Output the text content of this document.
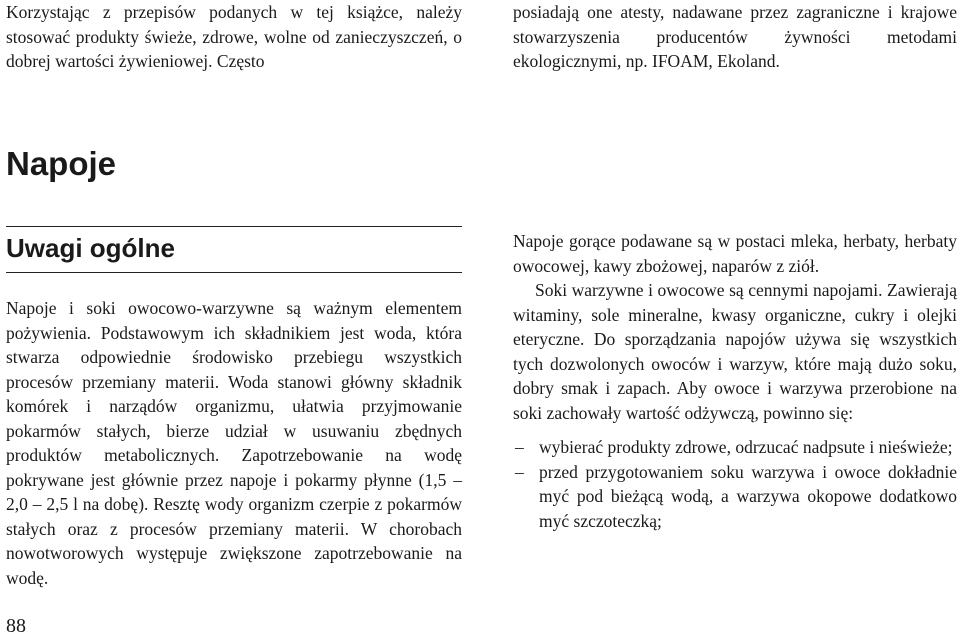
Korzystając z przepisów podanych w tej książce, należy stosować produkty świeże, zdrowe, wolne od zanieczyszczeń, o dobrej wartości żywieniowej. Często

posiadają one atesty, nadawane przez zagraniczne i krajowe stowarzyszenia producentów żywności metodami ekologicznymi, np. IFOAM, Ekoland.

Napoje
Uwagi ogólne

Napoje i soki owocowo-warzywne są ważnym elementem pożywienia. Podstawowym ich składnikiem jest woda, która stwarza odpowiednie środowisko przebiegu wszystkich procesów przemiany materii. Woda stanowi główny składnik komórek i narządów organizmu, ułatwia przyjmowanie pokarmów stałych, bierze udział w usuwaniu zbędnych produktów metabolicznych. Zapotrzebowanie na wodę pokrywane jest głównie przez napoje i pokarmy płynne (1,5 – 2,0 – 2,5 l na dobę). Resztę wody organizm czerpie z pokarmów stałych oraz z procesów przemiany materii. W chorobach nowotworowych występuje zwiększone zapotrzebowanie na wodę.

Napoje gorące podawane są w postaci mleka, herbaty, herbaty owocowej, kawy zbożowej, naparów z ziół.

Soki warzywne i owocowe są cennymi napojami. Zawierają witaminy, sole mineralne, kwasy organiczne, cukry i olejki eteryczne. Do sporządzania napojów używa się wszystkich tych dozwolonych owoców i warzyw, które mają dużo soku, dobry smak i zapach. Aby owoce i warzywa przerobione na soki zachowały wartość odżywczą, powinno się:

– wybierać produkty zdrowe, odrzucać nadpsute i nieświeże;
– przed przygotowaniem soku warzywa i owoce dokładnie myć pod bieżącą wodą, a warzywa okopowe dodatkowo myć szczoteczką;
88
